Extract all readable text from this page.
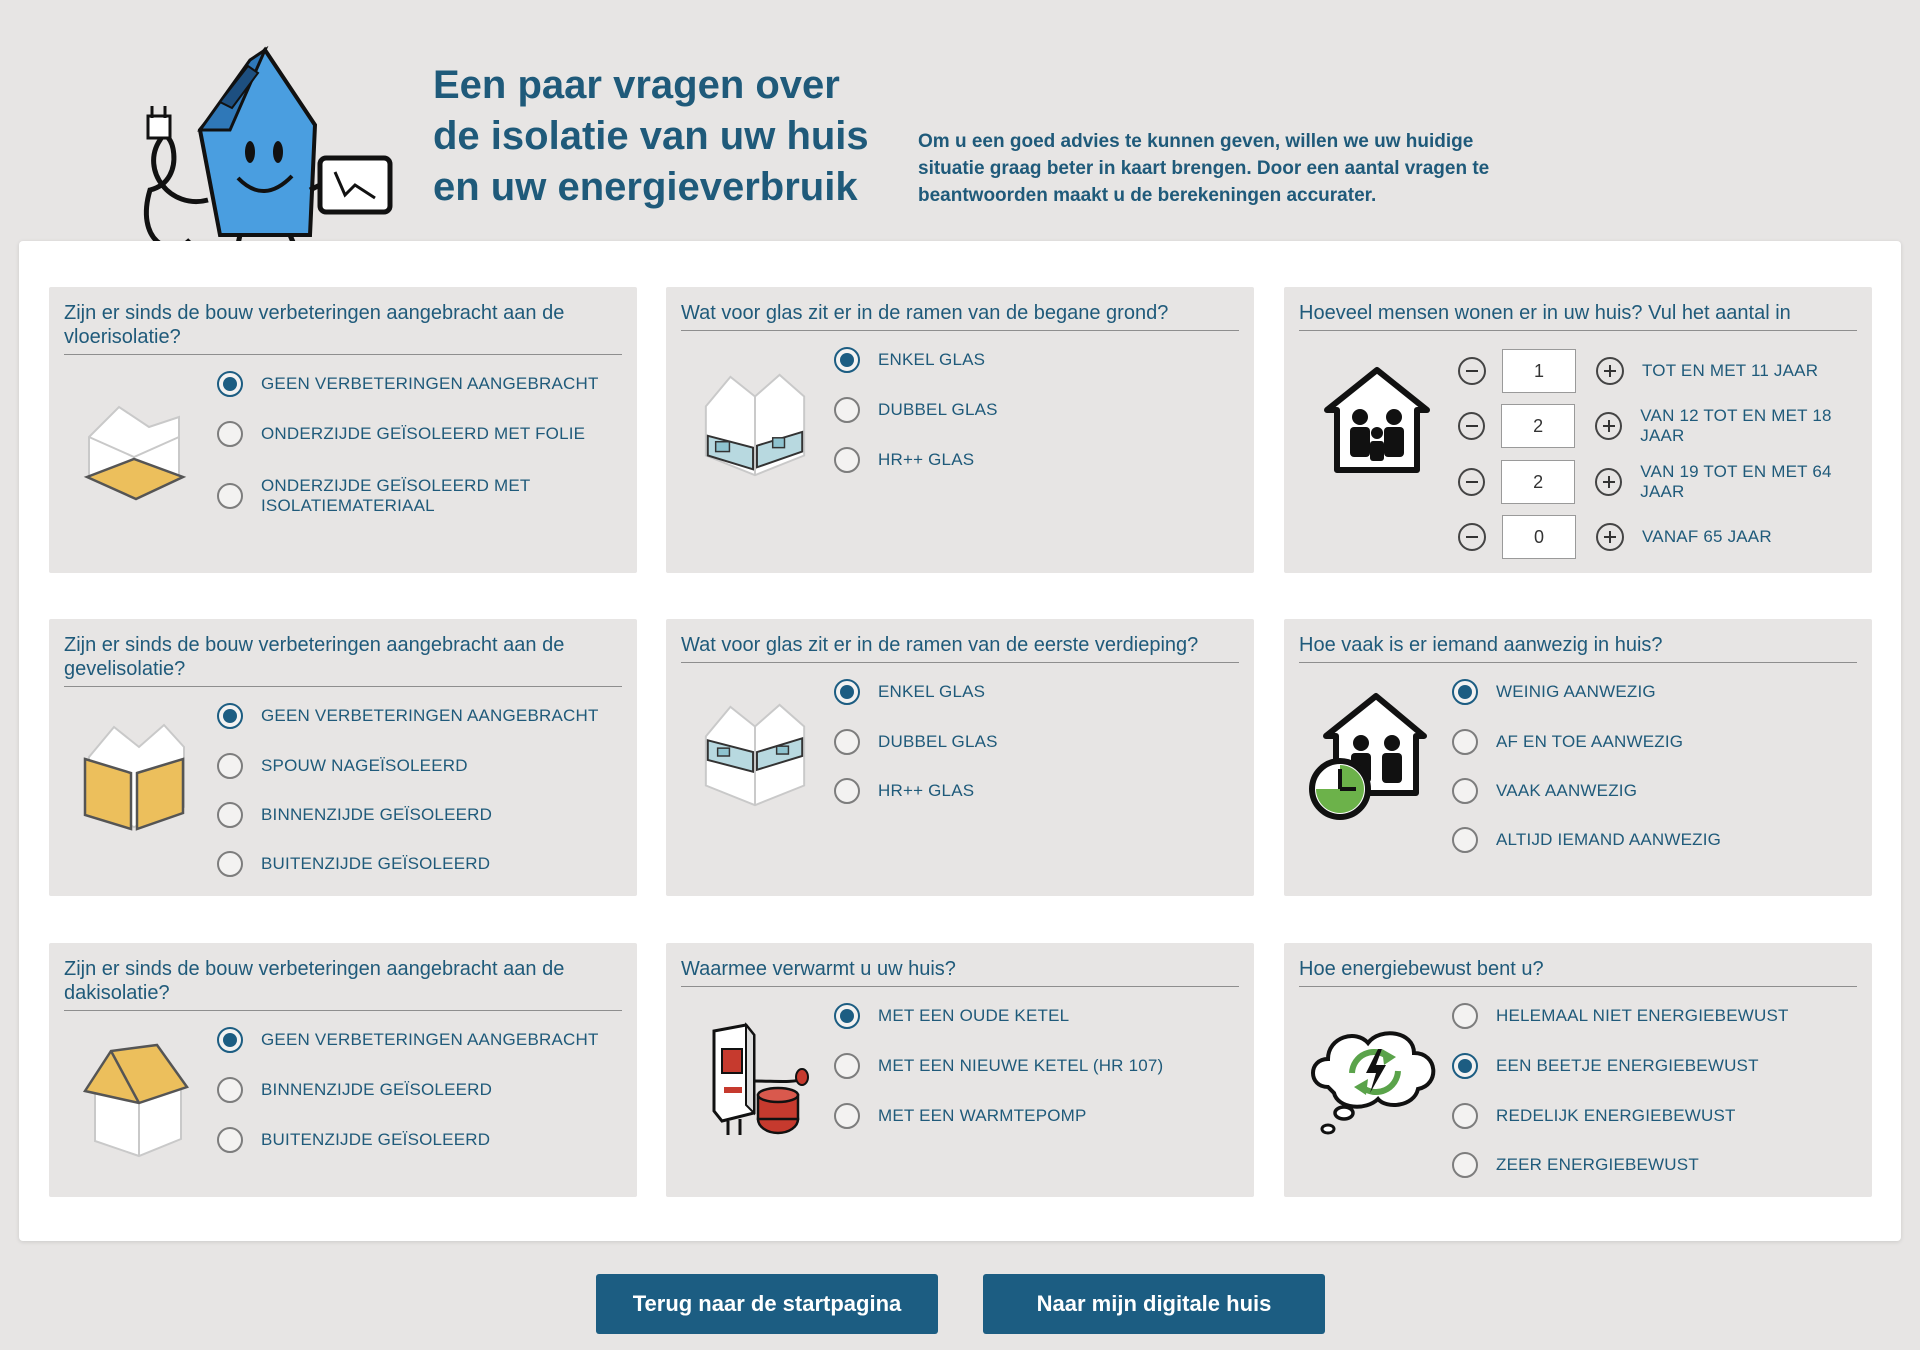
Een paar vragen over de isolatie van uw huis en uw energieverbruik

Om u een goed advies te kunnen geven, willen we uw huidige situatie graag beter in kaart brengen. Door een aantal vragen te beantwoorden maakt u de berekeningen accurater.

Zijn er sinds de bouw verbeteringen aangebracht aan de vloerisolatie?
GEEN VERBETERINGEN AANGEBRACHT
ONDERZIJDE GEÏSOLEERD MET FOLIE
ONDERZIJDE GEÏSOLEERD MET ISOLATIEMATERIAAL
Wat voor glas zit er in de ramen van de begane grond?
ENKEL GLAS
DUBBEL GLAS
HR++ GLAS
Hoeveel mensen wonen er in uw huis? Vul het aantal in
1
TOT EN MET 11 JAAR
2
VAN 12 TOT EN MET 18 JAAR
2
VAN 19 TOT EN MET 64 JAAR
0
VANAF 65 JAAR
Zijn er sinds de bouw verbeteringen aangebracht aan de gevelisolatie?
GEEN VERBETERINGEN AANGEBRACHT
SPOUW NAGEÏSOLEERD
BINNENZIJDE GEÏSOLEERD
BUITENZIJDE GEÏSOLEERD
Wat voor glas zit er in de ramen van de eerste verdieping?
ENKEL GLAS
DUBBEL GLAS
HR++ GLAS
Hoe vaak is er iemand aanwezig in huis?
WEINIG AANWEZIG
AF EN TOE AANWEZIG
VAAK AANWEZIG
ALTIJD IEMAND AANWEZIG
Zijn er sinds de bouw verbeteringen aangebracht aan de dakisolatie?
GEEN VERBETERINGEN AANGEBRACHT
BINNENZIJDE GEÏSOLEERD
BUITENZIJDE GEÏSOLEERD
Waarmee verwarmt u uw huis?
MET EEN OUDE KETEL
MET EEN NIEUWE KETEL (HR 107)
MET EEN WARMTEPOMP
Hoe energiebewust bent u?
HELEMAAL NIET ENERGIEBEWUST
EEN BEETJE ENERGIEBEWUST
REDELIJK ENERGIEBEWUST
ZEER ENERGIEBEWUST
Terug naar de startpagina	Naar mijn digitale huis
